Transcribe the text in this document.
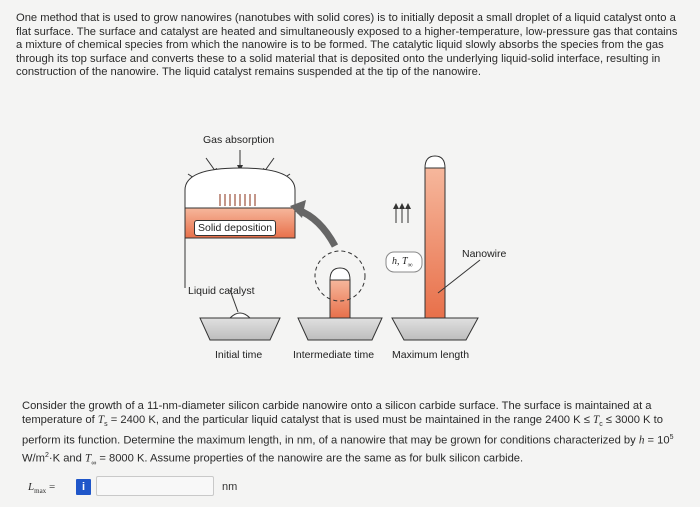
One method that is used to grow nanowires (nanotubes with solid cores) is to initially deposit a small droplet of a liquid catalyst onto a flat surface. The surface and catalyst are heated and simultaneously exposed to a higher-temperature, low-pressure gas that contains a mixture of chemical species from which the nanowire is to be formed. The catalytic liquid slowly absorbs the species from the gas through its top surface and converts these to a solid material that is deposited onto the underlying liquid-solid interface, resulting in construction of the nanowire. The liquid catalyst remains suspended at the tip of the nanowire.

Gas absorption
Solid deposition
Liquid catalyst
Nanowire
h, $T_\infty$
Initial time	Intermediate time Maximum length

Consider the growth of a 11-nm-diameter silicon carbide nanowire onto a silicon carbide surface. The surface is maintained at a temperature of $T_s = 2400$ K, and the particular liquid catalyst that is used must be maintained in the range 2400 $K \le T_c \le 3000$ K to perform its function. Determine the maximum length, in nm, of a nanowire that may be grown for conditions characterized by $h = 10^5$ $W/m^2\cdot K$ and $T_\infty = 8000$ K. Assume properties of the nanowire are the same as for bulk silicon carbide.

$L_{max}$ =	i	nm
